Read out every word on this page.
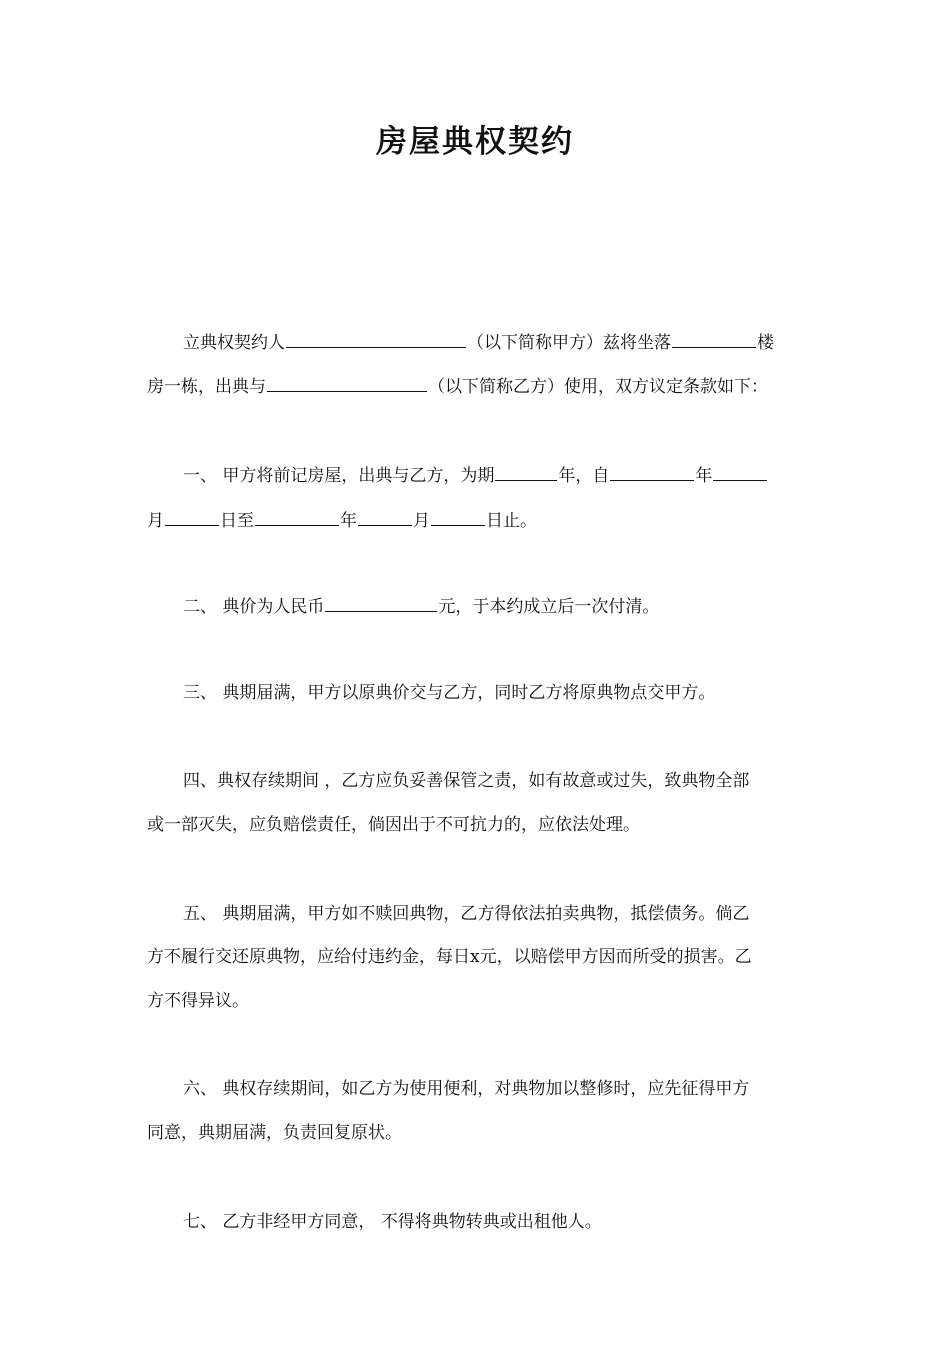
房屋典权契约
立典权契约人	（以下简称甲方）兹将坐落	楼
房一栋，出典与	（以下简称乙方）使用，双方议定条款如下：
一、 甲方将前记房屋，出典与乙方，为期	年，自	年
月	日至	年	月	日止。
二、 典价为人民币	元，于本约成立后一次付清。
三、 典期届满，甲方以原典价交与乙方，同时乙方将原典物点交甲方。
四、典权存续期间 ，乙方应负妥善保管之责，如有故意或过失，致典物全部
或一部灭失，应负赔偿责任，倘因出于不可抗力的，应依法处理。
五、 典期届满，甲方如不赎回典物，乙方得依法拍卖典物，抵偿债务。倘乙
方不履行交还原典物，应给付违约金，每日x元，以赔偿甲方因而所受的损害。乙
方不得异议。
六、 典权存续期间，如乙方为使用便利，对典物加以整修时，应先征得甲方
同意，典期届满，负责回复原状。
七、 乙方非经甲方同意， 不得将典物转典或出租他人。
